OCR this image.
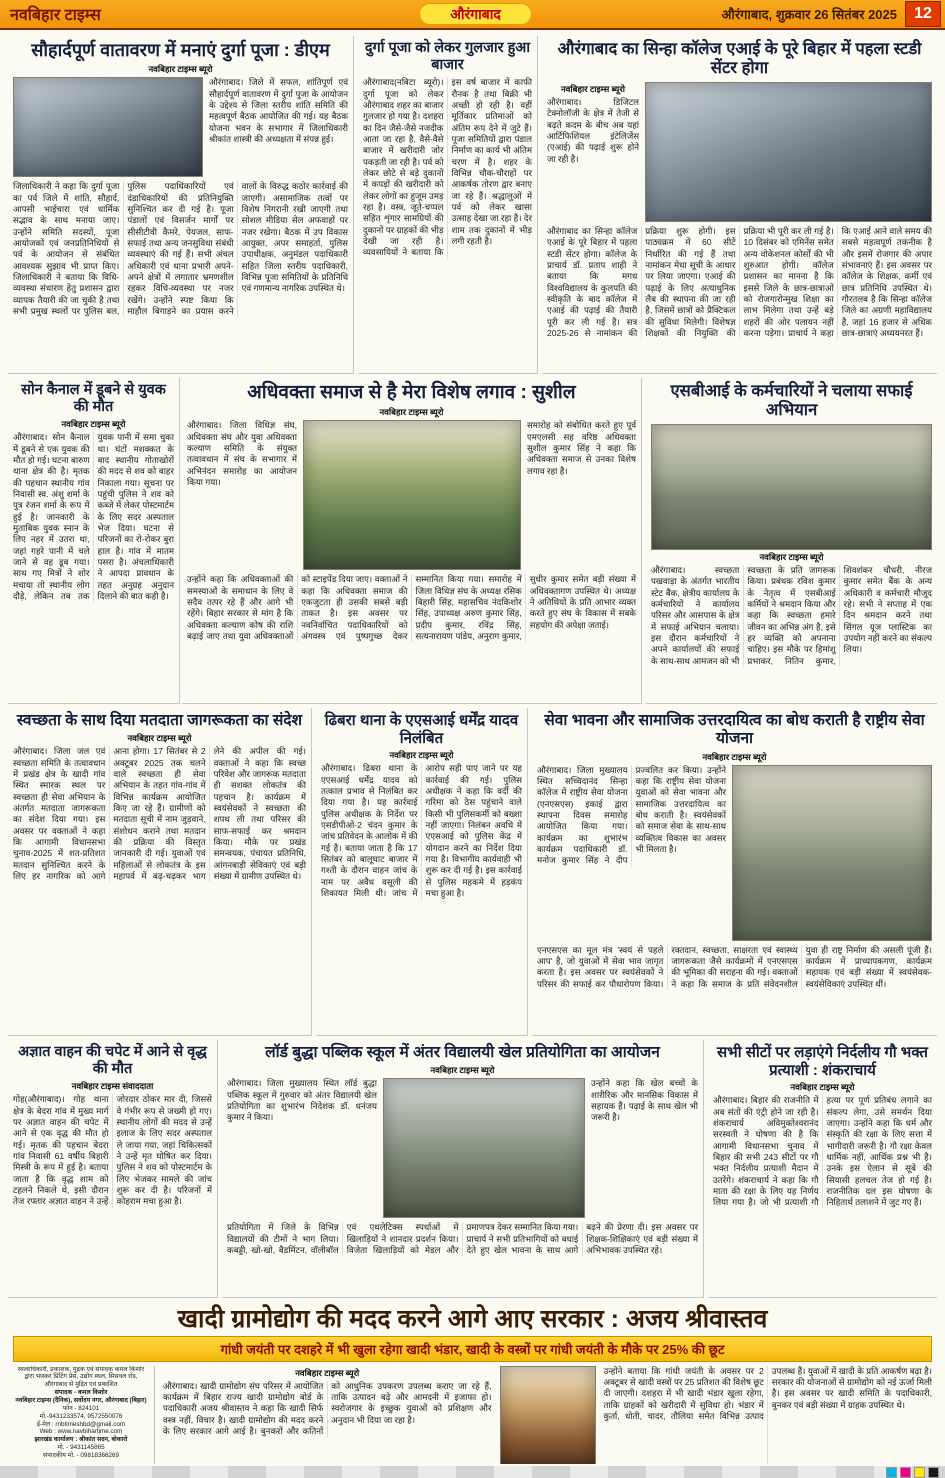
नवबिहार टाइम्स	औरंगाबाद	औरंगाबाद, शुक्रवार 26 सितंबर 2025	12
सौहार्दपूर्ण वातावरण में मनाएं दुर्गा पूजा : डीएम
नवबिहार टाइम्स ब्यूरो
औरंगाबाद। जिले में सफल, शांतिपूर्ण एवं सौहार्दपूर्ण वातावरण में दुर्गा पूजा के आयोजन के उद्देश्य से जिला स्तरीय शांति समिति की महत्वपूर्ण बैठक आयोजित की गई। यह बैठक योजना भवन के सभागार में जिलाधिकारी श्रीकांत शास्त्री की अध्यक्षता में संपन्न हुई।
जिलाधिकारी ने कहा कि दुर्गा पूजा का पर्व जिले में शांति, सौहार्द, आपसी भाईचारा एवं धार्मिक सद्भाव के साथ मनाया जाए। उन्होंने समिति सदस्यों, पूजा आयोजकों एवं जनप्रतिनिधियों से पर्व के आयोजन से संबंधित आवश्यक सुझाव भी प्राप्त किए। जिलाधिकारी ने बताया कि विधि-व्यवस्था संधारण हेतु प्रशासन द्वारा व्यापक तैयारी की जा चुकी है तथा सभी प्रमुख स्थलों पर पुलिस बल, पुलिस पदाधिकारियों एवं दंडाधिकारियों की प्रतिनियुक्ति सुनिश्चित कर दी गई है। पूजा पंडालों एवं विसर्जन मार्गों पर सीसीटीवी कैमरे, पेयजल, साफ-सफाई तथा अन्य जनसुविधा संबंधी व्यवस्थाएं की गई हैं। सभी अंचल अधिकारी एवं थाना प्रभारी अपने-अपने क्षेत्रों में लगातार भ्रमणशील रहकर विधि-व्यवस्था पर नजर रखेंगे। उन्होंने स्पष्ट किया कि माहौल बिगाड़ने का प्रयास करने वालों के विरुद्ध कठोर कार्रवाई की जाएगी। असामाजिक तत्वों पर विशेष निगरानी रखी जाएगी तथा सोशल मीडिया सेल अफवाहों पर नजर रखेगा। बैठक में उप विकास आयुक्त, अपर समाहर्ता, पुलिस उपाधीक्षक, अनुमंडल पदाधिकारी सहित जिला स्तरीय पदाधिकारी, विभिन्न पूजा समितियों के प्रतिनिधि एवं गणमान्य नागरिक उपस्थित थे।
दुर्गा पूजा को लेकर गुलजार हुआ बाजार
औरंगाबाद(नबिटा ब्यूरो)। दुर्गा पूजा को लेकर औरंगाबाद शहर का बाजार गुलजार हो गया है। दशहरा का दिन जैसे-जैसे नजदीक आता जा रहा है, वैसे-वैसे बाजार में खरीदारी जोर पकड़ती जा रही है। पर्व को लेकर छोटे से बड़े दुकानों में कपड़ों की खरीदारी को लेकर लोगों का हुजूम उमड़ रहा है। वस्त्र, जूते-चप्पल सहित शृंगार सामग्रियों की दुकानों पर ग्राहकों की भीड़ देखी जा रही है। व्यवसायियों ने बताया कि इस वर्ष बाजार में काफी रौनक है तथा बिक्री भी अच्छी हो रही है। वहीं मूर्तिकार प्रतिमाओं को अंतिम रूप देने में जुटे हैं। पूजा समितियों द्वारा पंडाल निर्माण का कार्य भी अंतिम चरण में है। शहर के विभिन्न चौक-चौराहों पर आकर्षक तोरण द्वार बनाए जा रहे हैं। श्रद्धालुओं में पर्व को लेकर खासा उत्साह देखा जा रहा है। देर शाम तक दुकानों में भीड़ लगी रहती है।
औरंगाबाद का सिन्हा कॉलेज एआई के पूरे बिहार में पहला स्टडी सेंटर होगा
नवबिहार टाइम्स ब्यूरो
औरंगाबाद। डिजिटल टेक्नोलॉजी के क्षेत्र में तेजी से बढ़ते कदम के बीच अब यहां आर्टिफिशियल इंटेलिजेंस (एआई) की पढ़ाई शुरू होने जा रही है।
औरंगाबाद का सिन्हा कॉलेज एआई के पूरे बिहार में पहला स्टडी सेंटर होगा। कॉलेज के प्राचार्य डॉ. प्रताप शाही ने बताया कि मगध विश्वविद्यालय के कुलपति की स्वीकृति के बाद कॉलेज में एआई की पढ़ाई की तैयारी पूरी कर ली गई है। सत्र 2025-26 से नामांकन की प्रक्रिया शुरू होगी। इस पाठ्यक्रम में 60 सीटें निर्धारित की गई हैं तथा नामांकन मेधा सूची के आधार पर लिया जाएगा। एआई की पढ़ाई के लिए अत्याधुनिक लैब की स्थापना की जा रही है, जिसमें छात्रों को प्रैक्टिकल की सुविधा मिलेगी। विशेषज्ञ शिक्षकों की नियुक्ति की प्रक्रिया भी पूरी कर ली गई है। 10 दिसंबर को एमिनेंस समेत अन्य वोकेशनल कोर्सों की भी शुरुआत होगी। कॉलेज प्रशासन का मानना है कि इससे जिले के छात्र-छात्राओं को रोजगारोन्मुख शिक्षा का लाभ मिलेगा तथा उन्हें बड़े शहरों की ओर पलायन नहीं करना पड़ेगा। प्राचार्य ने कहा कि एआई आने वाले समय की सबसे महत्वपूर्ण तकनीक है और इसमें रोजगार की अपार संभावनाएं हैं। इस अवसर पर कॉलेज के शिक्षक, कर्मी एवं छात्र प्रतिनिधि उपस्थित थे। गौरतलब है कि सिन्हा कॉलेज जिले का अग्रणी महाविद्यालय है, जहां 16 हजार से अधिक छात्र-छात्राएं अध्ययनरत हैं।
सोन कैनाल में डूबने से युवक की मौत
नवबिहार टाइम्स ब्यूरो
औरंगाबाद। सोन कैनाल में डूबने से एक युवक की मौत हो गई। घटना बारुण थाना क्षेत्र की है। मृतक की पहचान स्थानीय गांव निवासी स्व. अंशु शर्मा के पुत्र रंजन शर्मा के रूप में हुई है। जानकारी के मुताबिक युवक स्नान के लिए नहर में उतरा था, जहां गहरे पानी में चले जाने से वह डूब गया। साथ गए मित्रों ने शोर मचाया तो स्थानीय लोग दौड़े, लेकिन तब तक युवक पानी में समा चुका था। घंटों मशक्कत के बाद स्थानीय गोताखोरों की मदद से शव को बाहर निकाला गया। सूचना पर पहुंची पुलिस ने शव को कब्जे में लेकर पोस्टमार्टम के लिए सदर अस्पताल भेज दिया। घटना से परिजनों का रो-रोकर बुरा हाल है। गांव में मातम पसरा है। अंचलाधिकारी ने आपदा प्रावधान के तहत अनुग्रह अनुदान दिलाने की बात कही है।
अधिवक्ता समाज से है मेरा विशेष लगाव : सुशील
नवबिहार टाइम्स ब्यूरो
औरंगाबाद। जिला विधिज्ञ संघ, अधिवक्ता संघ और युवा अधिवक्ता कल्याण समिति के संयुक्त तत्वावधान में संघ के सभागार में अभिनंदन समारोह का आयोजन किया गया।
समारोह को संबोधित करते हुए पूर्व एमएलसी सह वरिष्ठ अधिवक्ता सुशील कुमार सिंह ने कहा कि अधिवक्ता समाज से उनका विशेष लगाव रहा है।
उन्होंने कहा कि अधिवक्ताओं की समस्याओं के समाधान के लिए वे सदैव तत्पर रहे हैं और आगे भी रहेंगे। बिहार सरकार से मांग है कि अधिवक्ता कल्याण कोष की राशि बढ़ाई जाए तथा युवा अधिवक्ताओं को स्टाइपेंड दिया जाए। वक्ताओं ने कहा कि अधिवक्ता समाज की एकजुटता ही उसकी सबसे बड़ी ताकत है। इस अवसर पर नवनिर्वाचित पदाधिकारियों को अंगवस्त्र एवं पुष्पगुच्छ देकर सम्मानित किया गया। समारोह में जिला विधिज्ञ संघ के अध्यक्ष रसिक बिहारी सिंह, महासचिव नंदकिशोर सिंह, उपाध्यक्ष अरुण कुमार सिंह, प्रदीप कुमार, रविंद्र सिंह, सत्यनारायण पांडेय, अनुराग कुमार, सुधीर कुमार समेत बड़ी संख्या में अधिवक्तागण उपस्थित थे। अध्यक्ष ने अतिथियों के प्रति आभार व्यक्त करते हुए संघ के विकास में सबके सहयोग की अपेक्षा जताई।
एसबीआई के कर्मचारियों ने चलाया सफाई अभियान
नवबिहार टाइम्स ब्यूरो
औरंगाबाद। स्वच्छता पखवाड़ा के अंतर्गत भारतीय स्टेट बैंक, क्षेत्रीय कार्यालय के कर्मचारियों ने कार्यालय परिसर और आसपास के क्षेत्र में सफाई अभियान चलाया। इस दौरान कर्मचारियों ने अपने कार्यालयों की सफाई के साथ-साथ आमजन को भी स्वच्छता के प्रति जागरूक किया। प्रबंधक रविश कुमार के नेतृत्व में एसबीआई कर्मियों ने श्रमदान किया और कहा कि स्वच्छता हमारे जीवन का अभिन्न अंग है, इसे हर व्यक्ति को अपनाना चाहिए। इस मौके पर हिमांशु प्रभाकर, नितिन कुमार, शिवशंकर चौधरी, नीरज कुमार समेत बैंक के अन्य अधिकारी व कर्मचारी मौजूद रहे। सभी ने सप्ताह में एक दिन श्रमदान करने तथा सिंगल यूज प्लास्टिक का उपयोग नहीं करने का संकल्प लिया।
स्वच्छता के साथ दिया मतदाता जागरूकता का संदेश
नवबिहार टाइम्स ब्यूरो
औरंगाबाद। जिला जल एवं स्वच्छता समिति के तत्वावधान में प्रखंड क्षेत्र के खादी गांव स्थित स्मारक स्थल पर स्वच्छता ही सेवा अभियान के अंतर्गत मतदाता जागरूकता का संदेश दिया गया। इस अवसर पर वक्ताओं ने कहा कि आगामी विधानसभा चुनाव-2025 में शत-प्रतिशत मतदान सुनिश्चित करने के लिए हर नागरिक को आगे आना होगा। 17 सितंबर से 2 अक्टूबर 2025 तक चलने वाले स्वच्छता ही सेवा अभियान के तहत गांव-गांव में विभिन्न कार्यक्रम आयोजित किए जा रहे हैं। ग्रामीणों को मतदाता सूची में नाम जुड़वाने, संशोधन कराने तथा मतदान की प्रक्रिया की विस्तृत जानकारी दी गई। युवाओं एवं महिलाओं से लोकतंत्र के इस महापर्व में बढ़-चढ़कर भाग लेने की अपील की गई। वक्ताओं ने कहा कि स्वच्छ परिवेश और जागरूक मतदाता ही सशक्त लोकतंत्र की पहचान है। कार्यक्रम में स्वयंसेवकों ने स्वच्छता की शपथ ली तथा परिसर की साफ-सफाई कर श्रमदान किया। मौके पर प्रखंड समन्वयक, पंचायत प्रतिनिधि, आंगनबाड़ी सेविकाएं एवं बड़ी संख्या में ग्रामीण उपस्थित थे।
ढिबरा थाना के एएसआई धर्मेंद्र यादव निलंबित
नवबिहार टाइम्स ब्यूरो
औरंगाबाद। ढिबरा थाना के एएसआई धर्मेंद्र यादव को तत्काल प्रभाव से निलंबित कर दिया गया है। यह कार्रवाई पुलिस अधीक्षक के निर्देश पर एसडीपीओ-2 चंदन कुमार के जांच प्रतिवेदन के आलोक में की गई है। बताया जाता है कि 17 सितंबर को बालूघाट बाजार में गश्ती के दौरान वाहन जांच के नाम पर अवैध वसूली की शिकायत मिली थी। जांच में आरोप सही पाए जाने पर यह कार्रवाई की गई। पुलिस अधीक्षक ने कहा कि वर्दी की गरिमा को ठेस पहुंचाने वाले किसी भी पुलिसकर्मी को बख्शा नहीं जाएगा। निलंबन अवधि में एएसआई को पुलिस केंद्र में योगदान करने का निर्देश दिया गया है। विभागीय कार्यवाही भी शुरू कर दी गई है। इस कार्रवाई से पुलिस महकमे में हड़कंप मचा हुआ है।
सेवा भावना और सामाजिक उत्तरदायित्व का बोध कराती है राष्ट्रीय सेवा योजना
नवबिहार टाइम्स ब्यूरो
औरंगाबाद। जिला मुख्यालय स्थित सच्चिदानंद सिन्हा कॉलेज में राष्ट्रीय सेवा योजना (एनएसएस) इकाई द्वारा स्थापना दिवस समारोह आयोजित किया गया। कार्यक्रम का शुभारंभ कार्यक्रम पदाधिकारी डॉ. मनोज कुमार सिंह ने दीप प्रज्वलित कर किया। उन्होंने कहा कि राष्ट्रीय सेवा योजना युवाओं को सेवा भावना और सामाजिक उत्तरदायित्व का बोध कराती है। स्वयंसेवकों को समाज सेवा के साथ-साथ व्यक्तित्व विकास का अवसर भी मिलता है।
एनएसएस का मूल मंत्र 'स्वयं से पहले आप' है, जो युवाओं में सेवा भाव जागृत करता है। इस अवसर पर स्वयंसेवकों ने परिसर की सफाई कर पौधारोपण किया। रक्तदान, स्वच्छता, साक्षरता एवं स्वास्थ्य जागरूकता जैसे कार्यक्रमों में एनएसएस की भूमिका की सराहना की गई। वक्ताओं ने कहा कि समाज के प्रति संवेदनशील युवा ही राष्ट्र निर्माण की असली पूंजी हैं। कार्यक्रम में प्राध्यापकगण, कार्यक्रम सहायक एवं बड़ी संख्या में स्वयंसेवक-स्वयंसेविकाएं उपस्थित थीं।
अज्ञात वाहन की चपेट में आने से वृद्ध की मौत
नवबिहार टाइम्स संवाददाता
गोह(औरंगाबाद)। गोह थाना क्षेत्र के बेदरा गांव में मुख्य मार्ग पर अज्ञात वाहन की चपेट में आने से एक वृद्ध की मौत हो गई। मृतक की पहचान बेदरा गांव निवासी 61 वर्षीय बिहारी मिस्त्री के रूप में हुई है। बताया जाता है कि वृद्ध शाम को टहलने निकले थे, इसी दौरान तेज रफ्तार अज्ञात वाहन ने उन्हें जोरदार ठोकर मार दी, जिससे वे गंभीर रूप से जख्मी हो गए। स्थानीय लोगों की मदद से उन्हें इलाज के लिए सदर अस्पताल ले जाया गया, जहां चिकित्सकों ने उन्हें मृत घोषित कर दिया। पुलिस ने शव को पोस्टमार्टम के लिए भेजकर मामले की जांच शुरू कर दी है। परिजनों में कोहराम मचा हुआ है।
लॉर्ड बुद्धा पब्लिक स्कूल में अंतर विद्यालयी खेल प्रतियोगिता का आयोजन
नवबिहार टाइम्स ब्यूरो
औरंगाबाद। जिला मुख्यालय स्थित लॉर्ड बुद्धा पब्लिक स्कूल में गुरुवार को अंतर विद्यालयी खेल प्रतियोगिता का शुभारंभ निदेशक डॉ. धनंजय कुमार ने किया।
उन्होंने कहा कि खेल बच्चों के शारीरिक और मानसिक विकास में सहायक हैं। पढ़ाई के साथ खेल भी जरूरी है।
प्रतियोगिता में जिले के विभिन्न विद्यालयों की टीमों ने भाग लिया। कबड्डी, खो-खो, बैडमिंटन, वॉलीबॉल एवं एथलेटिक्स स्पर्धाओं में खिलाड़ियों ने शानदार प्रदर्शन किया। विजेता खिलाड़ियों को मेडल और प्रमाणपत्र देकर सम्मानित किया गया। प्राचार्य ने सभी प्रतिभागियों को बधाई देते हुए खेल भावना के साथ आगे बढ़ने की प्रेरणा दी। इस अवसर पर शिक्षक-शिक्षिकाएं एवं बड़ी संख्या में अभिभावक उपस्थित रहे।
सभी सीटों पर लड़ाएंगे निर्दलीय गौ भक्त प्रत्याशी : शंकराचार्य
नवबिहार टाइम्स ब्यूरो
औरंगाबाद। बिहार की राजनीति में अब संतों की एंट्री होने जा रही है। शंकराचार्य अविमुक्तेश्वरानंद सरस्वती ने घोषणा की है कि आगामी विधानसभा चुनाव में बिहार की सभी 243 सीटों पर गौ भक्त निर्दलीय प्रत्याशी मैदान में उतरेंगे। शंकराचार्य ने कहा कि गौ माता की रक्षा के लिए यह निर्णय लिया गया है। जो भी प्रत्याशी गौ हत्या पर पूर्ण प्रतिबंध लगाने का संकल्प लेगा, उसे समर्थन दिया जाएगा। उन्होंने कहा कि धर्म और संस्कृति की रक्षा के लिए सत्ता में भागीदारी जरूरी है। गौ रक्षा केवल धार्मिक नहीं, आर्थिक प्रश्न भी है। उनके इस ऐलान से सूबे की सियासी हलचल तेज हो गई है। राजनीतिक दल इस घोषणा के निहितार्थ तलाशने में जुट गए हैं।
खादी ग्रामोद्योग की मदद करने आगे आए सरकार : अजय श्रीवास्तव
गांधी जयंती पर दशहरे में भी खुला रहेगा खादी भंडार, खादी के वस्त्रों पर गांधी जयंती के मौके पर 25% की छूट
स्वत्वाधिकारी, प्रकाशक, मुद्रक एवं संपादक कमल किशोर द्वारा भास्कर प्रिंटिंग प्रेस, उद्योग स्थल, सिसवल रोड, औरंगाबाद से मुद्रित एवं प्रकाशित
संपादक - कमल किशोर
नवबिहार टाइम्स (दैनिक), सर्वोदय नगर, औरंगाबाद (बिहार)
फोन - 824101
मो.-9431233574, 9572550076
ई-मेल : rnbtimeshbd@gmail.com
Web : www.navbihartime.com
झारखंड कार्यालय : श्रीकांत सदन, बोकारो
मो. - 9431145865
संपादकीय मो. - 09818366269
नवबिहार टाइम्स ब्यूरो
औरंगाबाद। खादी ग्रामोद्योग संघ परिसर में आयोजित कार्यक्रम में बिहार राज्य खादी ग्रामोद्योग बोर्ड के पदाधिकारी अजय श्रीवास्तव ने कहा कि खादी सिर्फ वस्त्र नहीं, विचार है। खादी ग्रामोद्योग की मदद करने के लिए सरकार आगे आई है। बुनकरों और कतिनों को आधुनिक उपकरण उपलब्ध कराए जा रहे हैं, ताकि उत्पादन बढ़े और आमदनी में इजाफा हो। स्वरोजगार के इच्छुक युवाओं को प्रशिक्षण और अनुदान भी दिया जा रहा है।
उन्होंने बताया कि गांधी जयंती के अवसर पर 2 अक्टूबर से खादी वस्त्रों पर 25 प्रतिशत की विशेष छूट दी जाएगी। दशहरा में भी खादी भंडार खुला रहेगा, ताकि ग्राहकों को खरीदारी में सुविधा हो। भंडार में कुर्ता, धोती, चादर, तौलिया समेत विभिन्न उत्पाद उपलब्ध हैं। युवाओं में खादी के प्रति आकर्षण बढ़ा है। सरकार की योजनाओं से ग्रामोद्योग को नई ऊर्जा मिली है। इस अवसर पर खादी समिति के पदाधिकारी, बुनकर एवं बड़ी संख्या में ग्राहक उपस्थित थे।
